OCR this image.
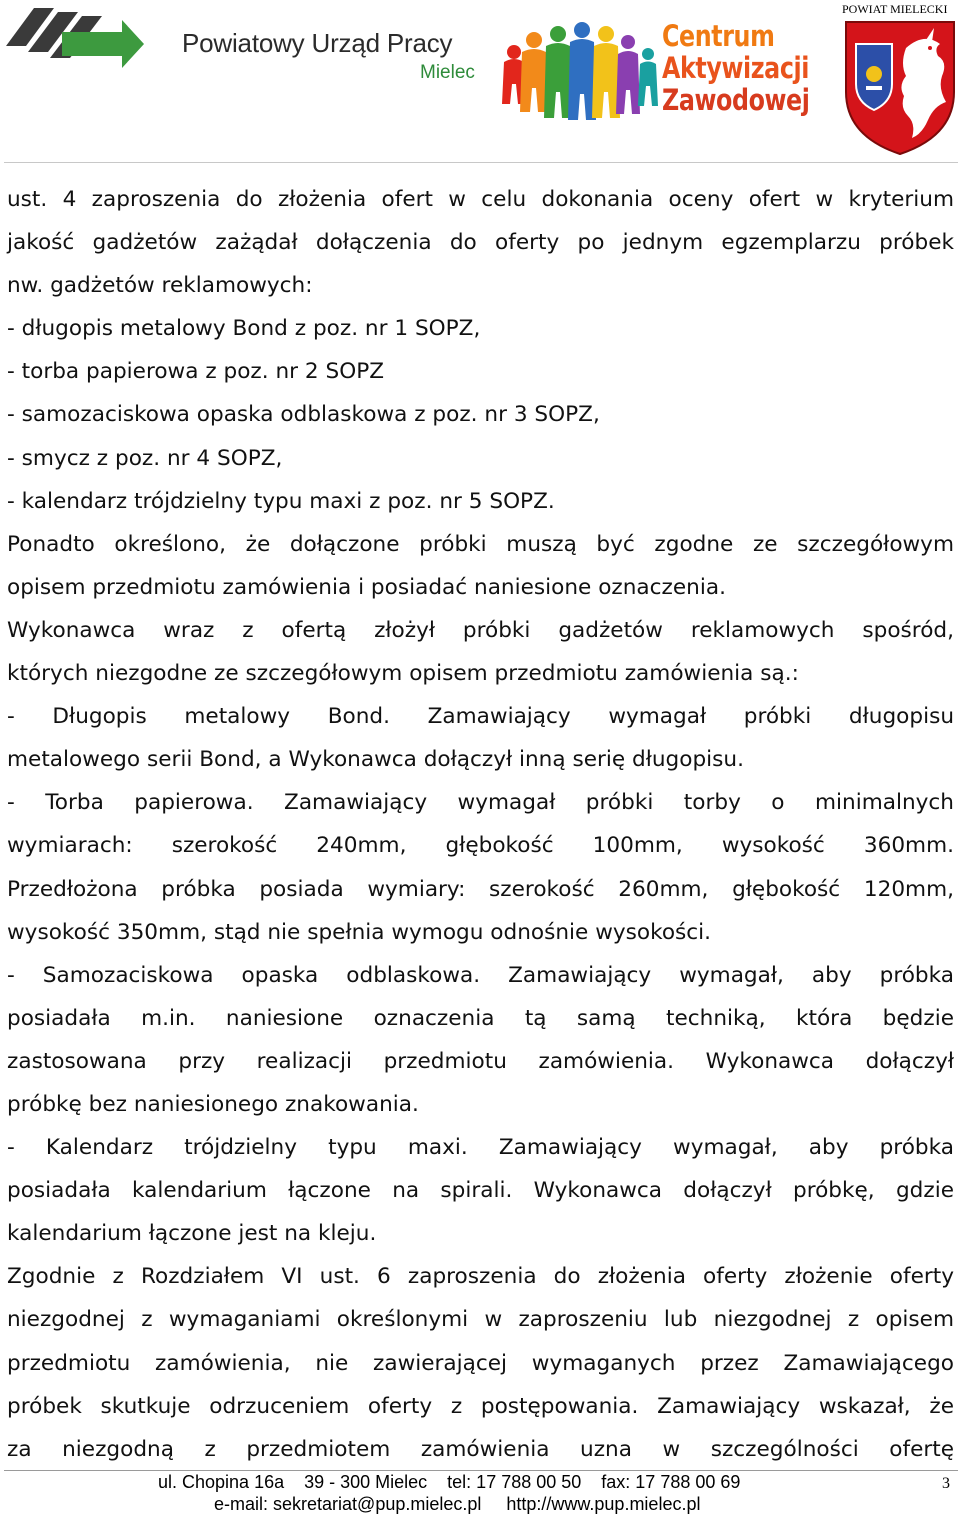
Powiatowy Urząd Pracy
Mielec
Centrum
Aktywizacji
Zawodowej
POWIAT MIELECKI

ust. 4 zaproszenia do złożenia ofert w celu dokonania oceny ofert w kryterium

jakość gadżetów zażądał dołączenia do oferty po jednym egzemplarzu próbek

nw. gadżetów reklamowych:

- długopis metalowy Bond z poz. nr 1 SOPZ,

- torba papierowa z poz. nr 2 SOPZ

- samozaciskowa opaska odblaskowa z poz. nr 3 SOPZ,

- smycz z poz. nr 4 SOPZ,

- kalendarz trójdzielny typu maxi z poz. nr 5 SOPZ.

Ponadto określono, że dołączone próbki muszą być zgodne ze szczegółowym

opisem przedmiotu zamówienia i posiadać naniesione oznaczenia.

Wykonawca wraz z ofertą złożył próbki gadżetów reklamowych spośród,

których niezgodne ze szczegółowym opisem przedmiotu zamówienia są.:

- Długopis metalowy Bond. Zamawiający wymagał próbki długopisu

metalowego serii Bond, a Wykonawca dołączył inną serię długopisu.

- Torba papierowa. Zamawiający wymagał próbki torby o minimalnych

wymiarach: szerokość 240mm, głębokość 100mm, wysokość 360mm.

Przedłożona próbka posiada wymiary: szerokość 260mm, głębokość 120mm,

wysokość 350mm, stąd nie spełnia wymogu odnośnie wysokości.

- Samozaciskowa opaska odblaskowa. Zamawiający wymagał, aby próbka

posiadała m.in. naniesione oznaczenia tą samą techniką, która będzie

zastosowana przy realizacji przedmiotu zamówienia. Wykonawca dołączył

próbkę bez naniesionego znakowania.

- Kalendarz trójdzielny typu maxi. Zamawiający wymagał, aby próbka

posiadała kalendarium łączone na spirali. Wykonawca dołączył próbkę, gdzie

kalendarium łączone jest na kleju.

Zgodnie z Rozdziałem VI ust. 6 zaproszenia do złożenia oferty złożenie oferty

niezgodnej z wymaganiami określonymi w zaproszeniu lub niezgodnej z opisem

przedmiotu zamówienia, nie zawierającej wymaganych przez Zamawiającego

próbek skutkuje odrzuceniem oferty z postępowania. Zamawiający wskazał, że

za niezgodną z przedmiotem zamówienia uzna w szczególności ofertę

ul. Chopina 16a    39 - 300 Mielec    tel: 17 788 00 50    fax: 17 788 00 69
e-mail: sekretariat@pup.mielec.pl     http://www.pup.mielec.pl
3
